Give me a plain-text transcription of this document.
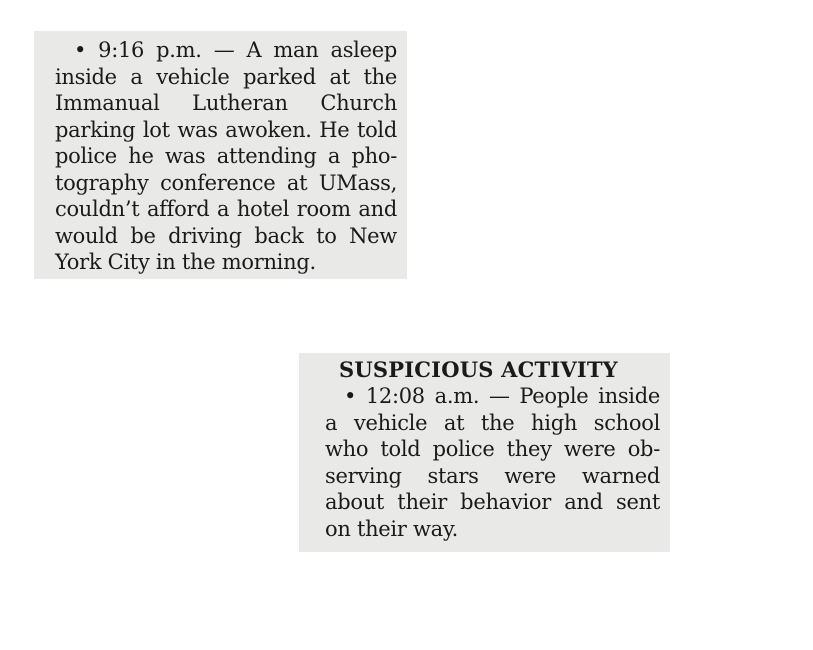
• 9:16 p.m. — A man asleep
inside a vehicle parked at the
Immanual Lutheran Church
parking lot was awoken. He told
police he was attending a pho-
tography conference at UMass,
couldn’t afford a hotel room and
would be driving back to New
York City in the morning.
SUSPICIOUS ACTIVITY
• 12:08 a.m. — People inside
a vehicle at the high school
who told police they were ob-
serving stars were warned
about their behavior and sent
on their way.
